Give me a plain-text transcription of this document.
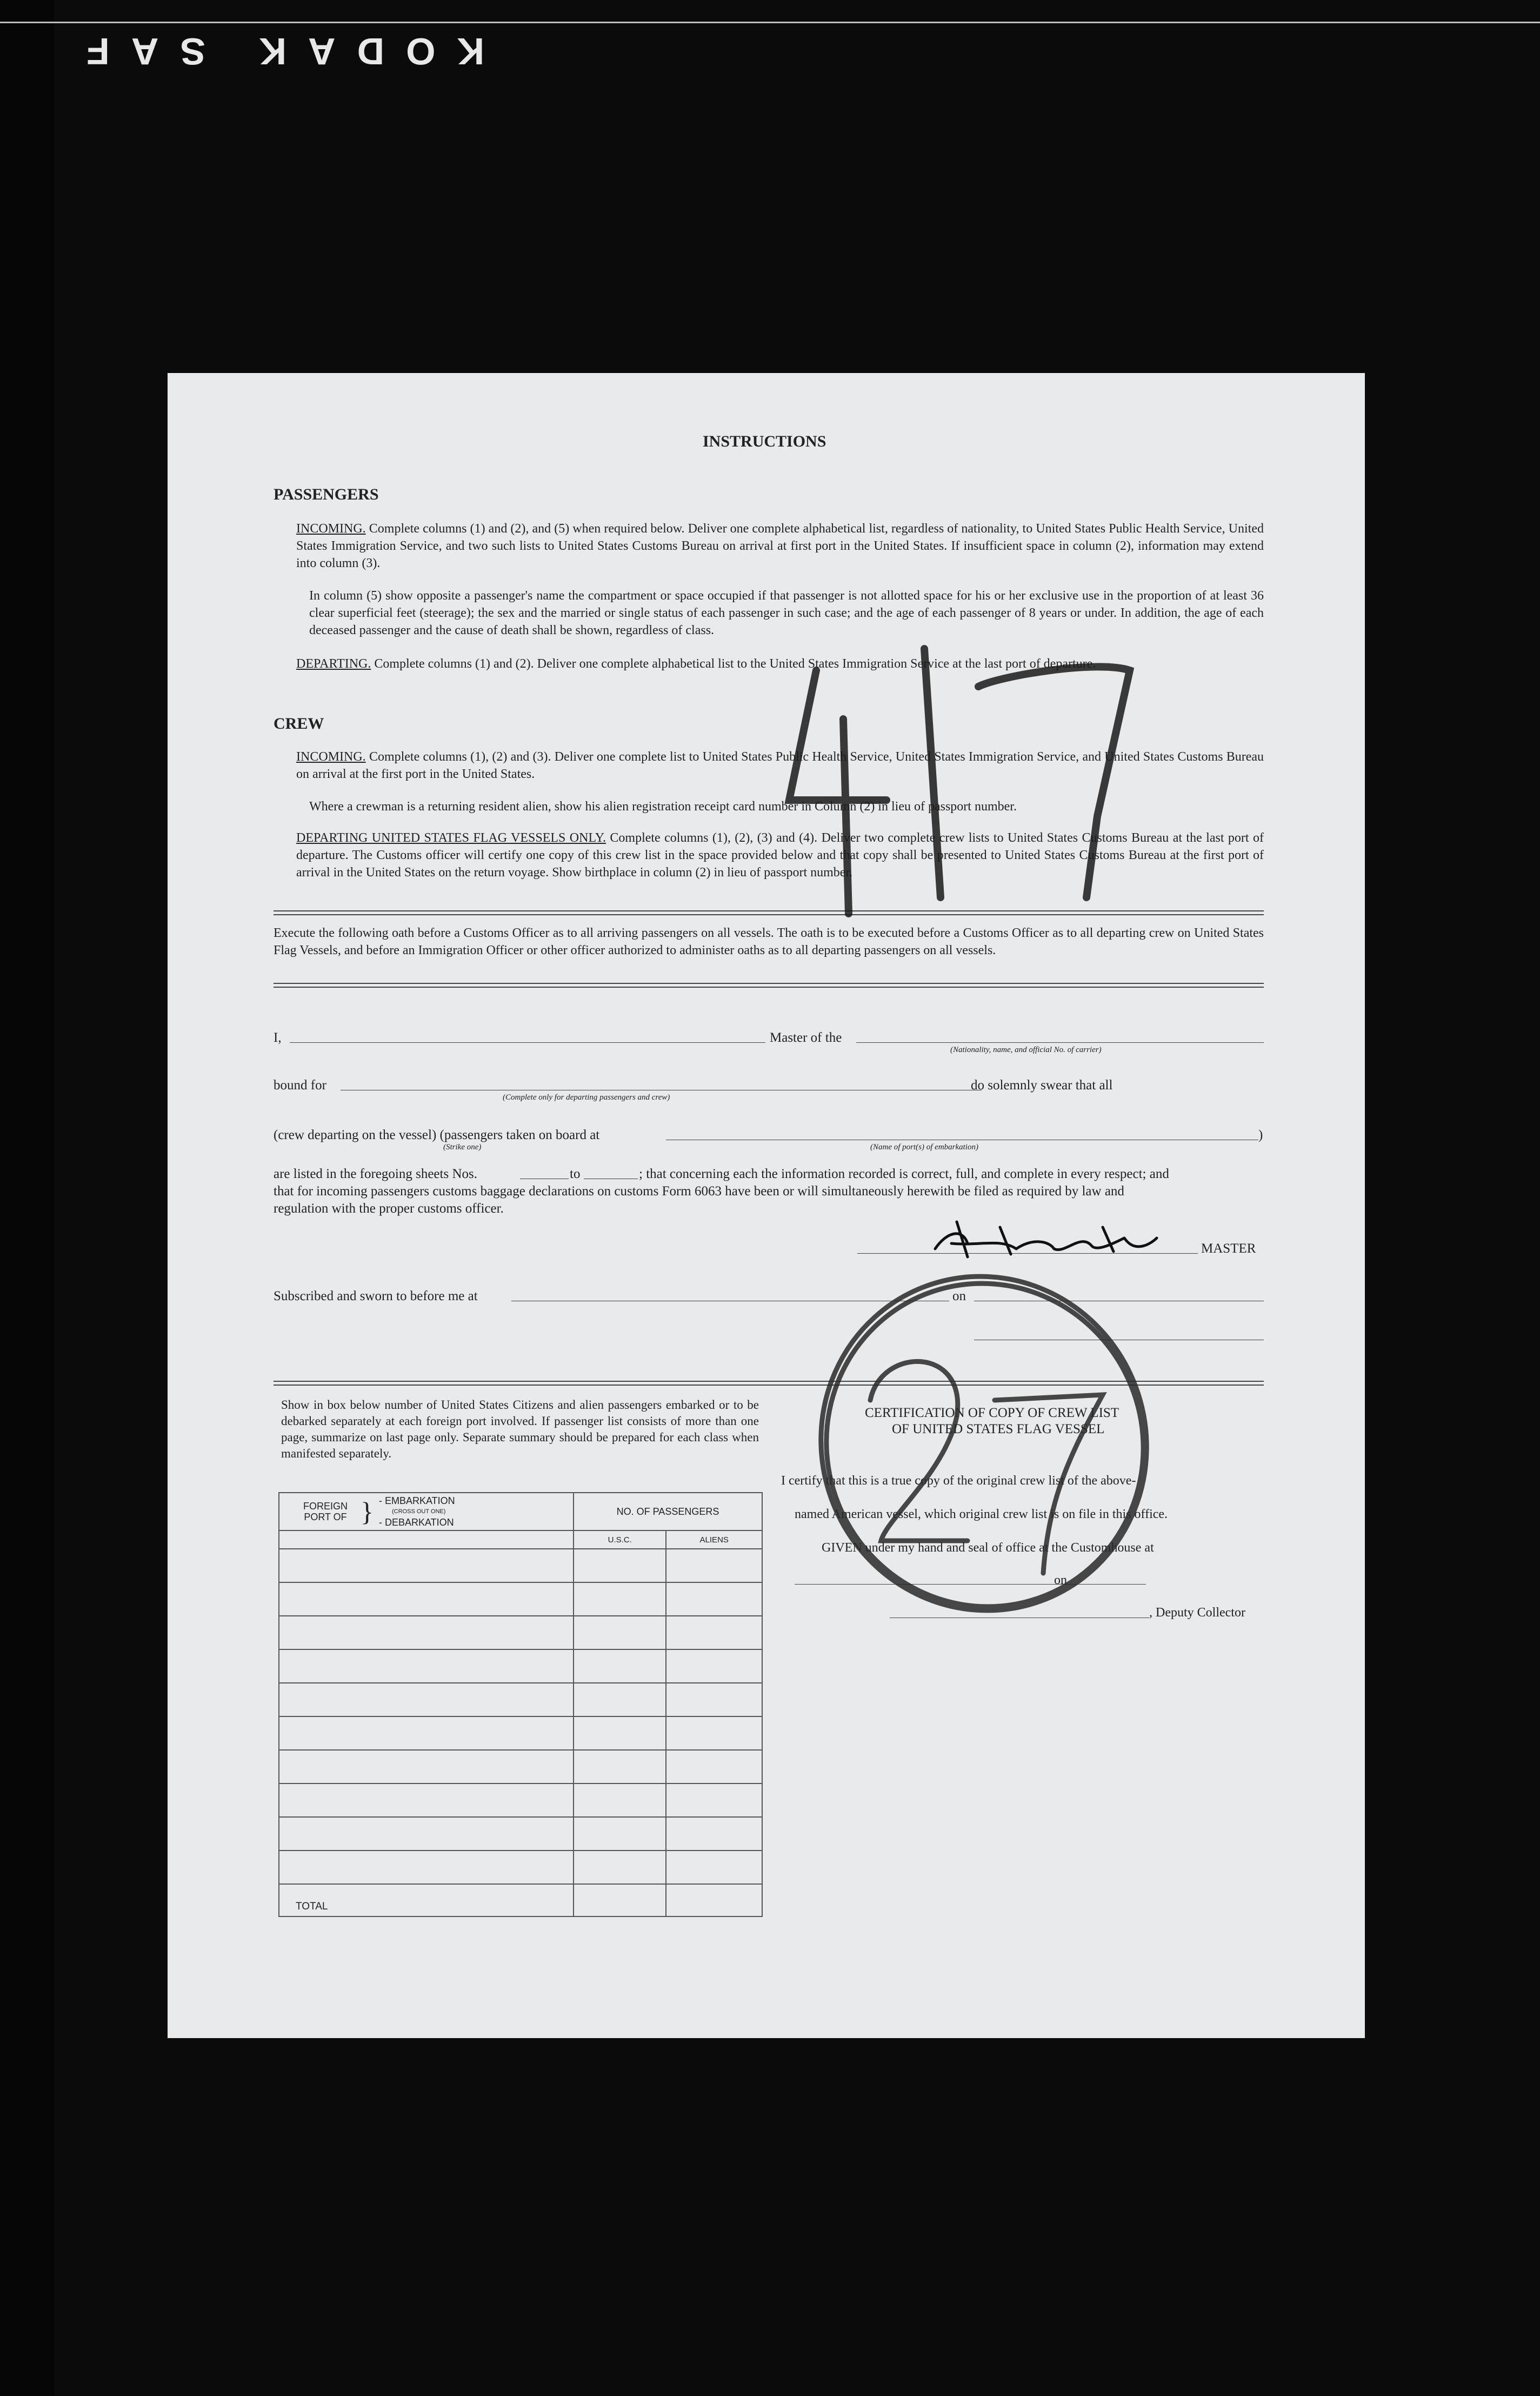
KODAK SAF
INSTRUCTIONS
PASSENGERS
INCOMING. Complete columns (1) and (2), and (5) when required below. Deliver one complete alphabetical list, regardless of nationality, to United States Public Health Service, United States Immigration Service, and two such lists to United States Customs Bureau on arrival at first port in the United States. If insufficient space in column (2), information may extend into column (3).
In column (5) show opposite a passenger's name the compartment or space occupied if that passenger is not allotted space for his or her exclusive use in the proportion of at least 36 clear superficial feet (steerage); the sex and the married or single status of each passenger in such case; and the age of each passenger of 8 years or under. In addition, the age of each deceased passenger and the cause of death shall be shown, regardless of class.
DEPARTING. Complete columns (1) and (2). Deliver one complete alphabetical list to the United States Immigration Service at the last port of departure.
CREW
INCOMING. Complete columns (1), (2) and (3). Deliver one complete list to United States Public Health Service, United States Immigration Service, and United States Customs Bureau on arrival at the first port in the United States.
Where a crewman is a returning resident alien, show his alien registration receipt card number in Column (2) in lieu of passport number.
DEPARTING UNITED STATES FLAG VESSELS ONLY. Complete columns (1), (2), (3) and (4). Deliver two complete crew lists to United States Customs Bureau at the last port of departure. The Customs officer will certify one copy of this crew list in the space provided below and that copy shall be presented to United States Customs Bureau at the first port of arrival in the United States on the return voyage. Show birthplace in column (2) in lieu of passport number.
Execute the following oath before a Customs Officer as to all arriving passengers on all vessels. The oath is to be executed before a Customs Officer as to all departing crew on United States Flag Vessels, and before an Immigration Officer or other officer authorized to administer oaths as to all departing passengers on all vessels.
I,	Master of the
(Nationality, name, and official No. of carrier)
bound for
(Complete only for departing passengers and crew)
do solemnly swear that all
(crew departing on the vessel) (passengers taken on board at	)
(Strike one)	(Name of port(s) of embarkation)
are listed in the foregoing sheets Nos.	to	; that concerning each the information recorded is correct, full, and complete in every respect; and
that for incoming passengers customs baggage declarations on customs Form 6063 have been or will simultaneously herewith be filed as required by law and
regulation with the proper customs officer.
MASTER
Subscribed and sworn to before me at	on
Show in box below number of United States Citizens and alien passengers embarked or to be debarked separately at each foreign port involved. If passenger list consists of more than one page, summarize on last page only. Separate summary should be prepared for each class when manifested separately.
FOREIGN PORT OF } - EMBARKATION
(CROSS OUT ONE)
- DEBARKATION	NO. OF PASSENGERS	
	U.S.C.	ALIENS

TOTAL		
CERTIFICATION OF COPY OF CREW LIST
OF UNITED STATES FLAG VESSEL
I certify that this is a true copy of the original crew list of the above-
named American vessel, which original crew list is on file in this office.
GIVEN under my hand and seal of office at the Customhouse at
on
, Deputy Collector
